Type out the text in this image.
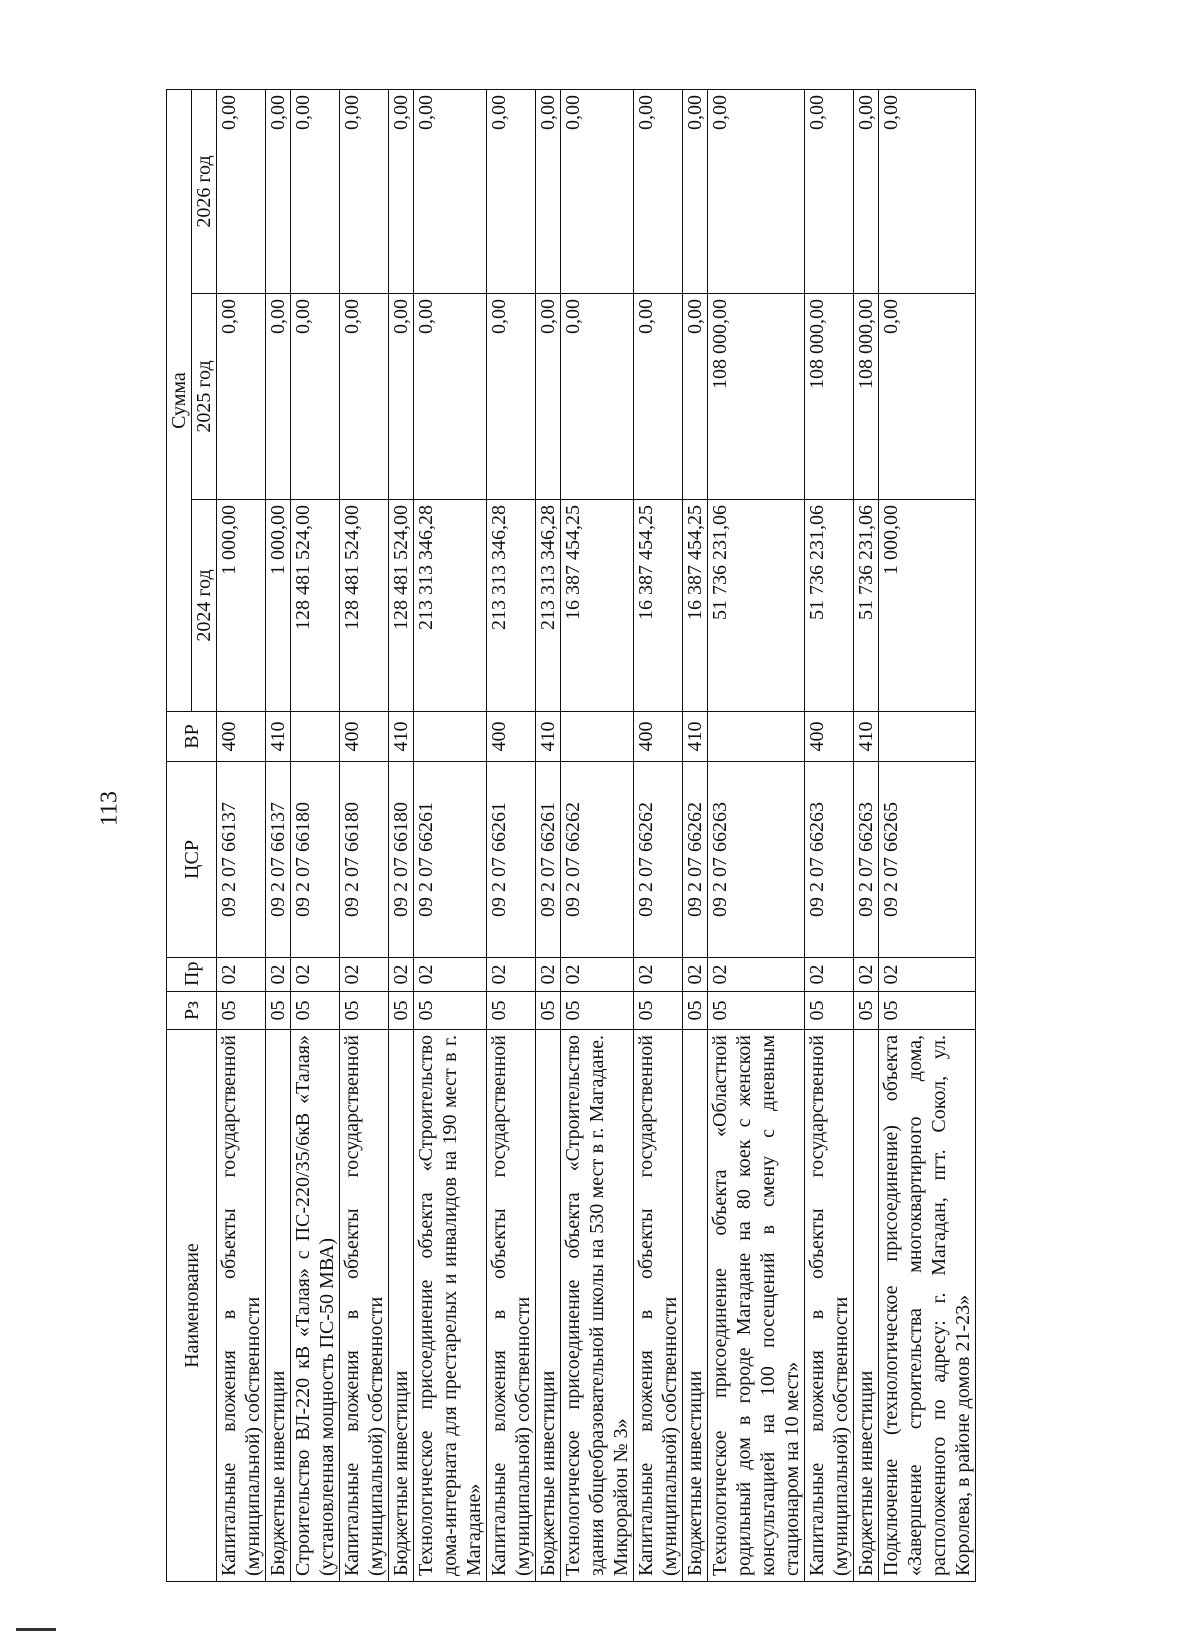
113
Наименование	Рз	Пр	ЦСР	ВР	Сумма		
					2024 год	2025 год	2026 год
Капитальные вложения в объекты государственной (муниципальной) собственности	05	02	09 2 07 66137	400	1 000,00	0,00	0,00
Бюджетные инвестиции	05	02	09 2 07 66137	410	1 000,00	0,00	0,00
Строительство ВЛ-220 кВ «Талая» с ПС-220/35/6кВ «Талая» (установленная мощность ПС-50 МВА)	05	02	09 2 07 66180		128 481 524,00	0,00	0,00
Капитальные вложения в объекты государственной (муниципальной) собственности	05	02	09 2 07 66180	400	128 481 524,00	0,00	0,00
Бюджетные инвестиции	05	02	09 2 07 66180	410	128 481 524,00	0,00	0,00
Технологическое присоединение объекта «Строительство дома-интерната для престарелых и инвалидов на 190 мест в г. Магадане»	05	02	09 2 07 66261		213 313 346,28	0,00	0,00
Капитальные вложения в объекты государственной (муниципальной) собственности	05	02	09 2 07 66261	400	213 313 346,28	0,00	0,00
Бюджетные инвестиции	05	02	09 2 07 66261	410	213 313 346,28	0,00	0,00
Технологическое присоединение объекта «Строительство здания общеобразовательной школы на 530 мест в г. Магадане. Микрорайон № 3»	05	02	09 2 07 66262		16 387 454,25	0,00	0,00
Капитальные вложения в объекты государственной (муниципальной) собственности	05	02	09 2 07 66262	400	16 387 454,25	0,00	0,00
Бюджетные инвестиции	05	02	09 2 07 66262	410	16 387 454,25	0,00	0,00
Технологическое присоединение объекта «Областной родильный дом в городе Магадане на 80 коек с женской консультацией на 100 посещений в смену с дневным стационаром на 10 мест»	05	02	09 2 07 66263		51 736 231,06	108 000,00	0,00
Капитальные вложения в объекты государственной (муниципальной) собственности	05	02	09 2 07 66263	400	51 736 231,06	108 000,00	0,00
Бюджетные инвестиции	05	02	09 2 07 66263	410	51 736 231,06	108 000,00	0,00
Подключение (технологическое присоединение) объекта «Завершение строительства многоквартирного дома, расположенного по адресу: г. Магадан, пгт. Сокол, ул. Королева, в районе домов 21-23»	05	02	09 2 07 66265		1 000,00	0,00	0,00
